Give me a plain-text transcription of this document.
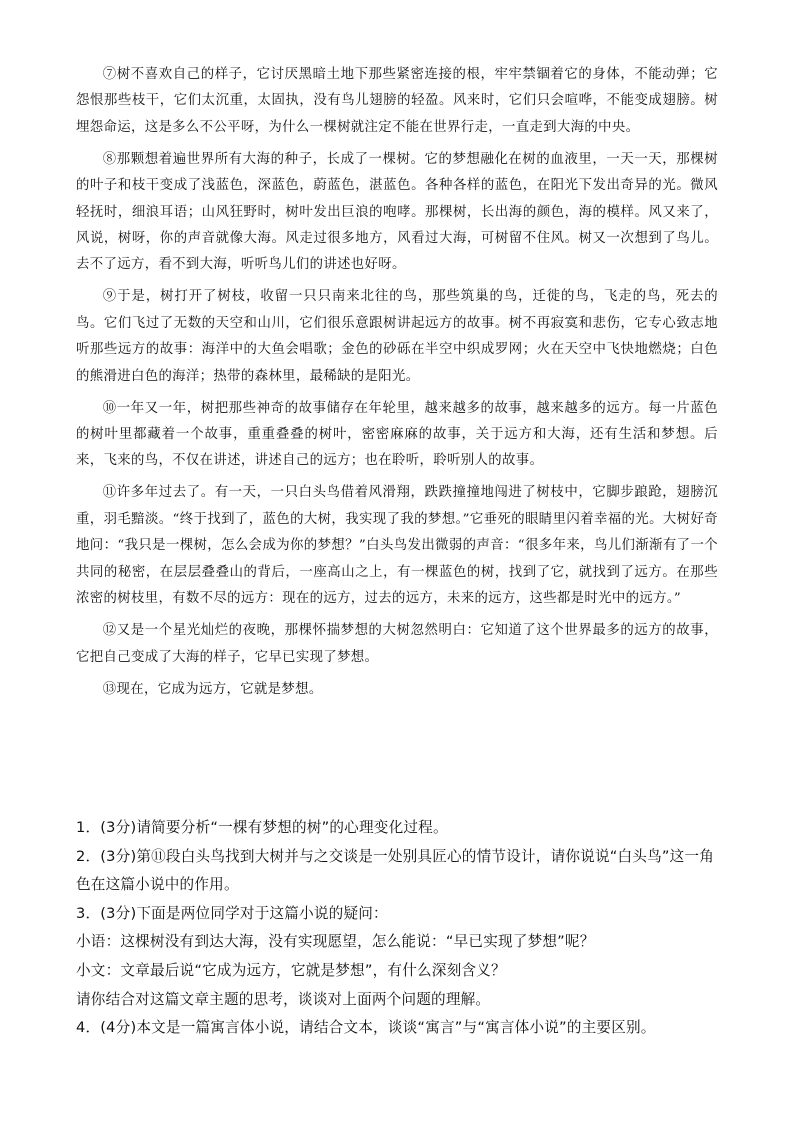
⑦树不喜欢自己的样子，它讨厌黑暗土地下那些紧密连接的根，牢牢禁锢着它的身体，不能动弹；它怨恨那些枝干，它们太沉重，太固执，没有鸟儿翅膀的轻盈。风来时，它们只会喧哗，不能变成翅膀。树埋怨命运，这是多么不公平呀，为什么一棵树就注定不能在世界行走，一直走到大海的中央。

⑧那颗想着遍世界所有大海的种子，长成了一棵树。它的梦想融化在树的血液里，一天一天，那棵树的叶子和枝干变成了浅蓝色，深蓝色，蔚蓝色，湛蓝色。各种各样的蓝色，在阳光下发出奇异的光。微风轻抚时，细浪耳语；山风狂野时，树叶发出巨浪的咆哮。那棵树，长出海的颜色，海的模样。风又来了，风说，树呀，你的声音就像大海。风走过很多地方，风看过大海，可树留不住风。树又一次想到了鸟儿。去不了远方，看不到大海，听听鸟儿们的讲述也好呀。

⑨于是，树打开了树枝，收留一只只南来北往的鸟，那些筑巢的鸟，迁徙的鸟，飞走的鸟，死去的鸟。它们飞过了无数的天空和山川，它们很乐意跟树讲起远方的故事。树不再寂寞和悲伤，它专心致志地听那些远方的故事：海洋中的大鱼会唱歌；金色的砂砾在半空中织成罗网；火在天空中飞快地燃烧；白色的熊滑进白色的海洋；热带的森林里，最稀缺的是阳光。

⑩一年又一年，树把那些神奇的故事储存在年轮里，越来越多的故事，越来越多的远方。每一片蓝色的树叶里都藏着一个故事，重重叠叠的树叶，密密麻麻的故事，关于远方和大海，还有生活和梦想。后来，飞来的鸟，不仅在讲述，讲述自己的远方；也在聆听，聆听别人的故事。

⑪许多年过去了。有一天，一只白头鸟借着风滑翔，跌跌撞撞地闯进了树枝中，它脚步踉跄，翅膀沉重，羽毛黯淡。“终于找到了，蓝色的大树，我实现了我的梦想。”它垂死的眼睛里闪着幸福的光。大树好奇地问：“我只是一棵树，怎么会成为你的梦想？”白头鸟发出微弱的声音：“很多年来，鸟儿们渐渐有了一个共同的秘密，在层层叠叠山的背后，一座高山之上，有一棵蓝色的树，找到了它，就找到了远方。在那些浓密的树枝里，有数不尽的远方：现在的远方，过去的远方，未来的远方，这些都是时光中的远方。”

⑫又是一个星光灿烂的夜晚，那棵怀揣梦想的大树忽然明白：它知道了这个世界最多的远方的故事，它把自己变成了大海的样子，它早已实现了梦想。

⑬现在，它成为远方，它就是梦想。

1．(3分)请简要分析“一棵有梦想的树”的心理变化过程。

2．(3分)第⑪段白头鸟找到大树并与之交谈是一处别具匠心的情节设计，请你说说“白头鸟”这一角色在这篇小说中的作用。

3．(3分)下面是两位同学对于这篇小说的疑问：

小语：这棵树没有到达大海，没有实现愿望，怎么能说：“早已实现了梦想”呢？

小文：文章最后说“它成为远方，它就是梦想”，有什么深刻含义？

请你结合对这篇文章主题的思考，谈谈对上面两个问题的理解。

4．(4分)本文是一篇寓言体小说，请结合文本，谈谈“寓言”与“寓言体小说”的主要区别。
